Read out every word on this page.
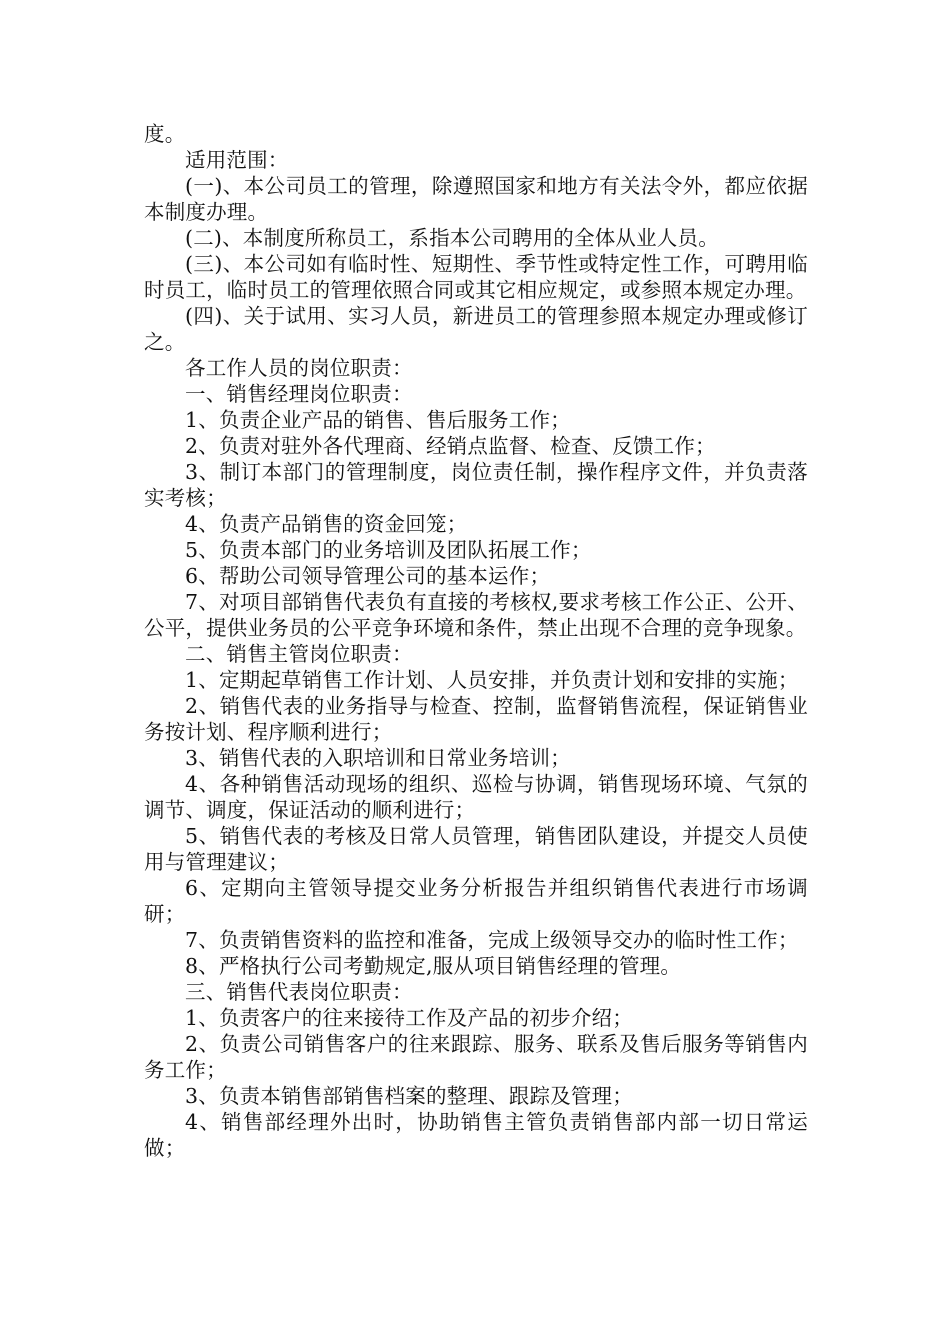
度。

适用范围：

(一)、本公司员工的管理，除遵照国家和地方有关法令外，都应依据本制度办理。

(二)、本制度所称员工，系指本公司聘用的全体从业人员。

(三)、本公司如有临时性、短期性、季节性或特定性工作，可聘用临时员工，临时员工的管理依照合同或其它相应规定，或参照本规定办理。

(四)、关于试用、实习人员，新进员工的管理参照本规定办理或修订之。

各工作人员的岗位职责：

一、销售经理岗位职责：

1、负责企业产品的销售、售后服务工作；

2、负责对驻外各代理商、经销点监督、检查、反馈工作；

3、制订本部门的管理制度，岗位责任制，操作程序文件，并负责落实考核；

4、负责产品销售的资金回笼；

5、负责本部门的业务培训及团队拓展工作；

6、帮助公司领导管理公司的基本运作；

7、对项目部销售代表负有直接的考核权,要求考核工作公正、公开、公平，提供业务员的公平竞争环境和条件，禁止出现不合理的竞争现象。

二、销售主管岗位职责：

1、定期起草销售工作计划、人员安排，并负责计划和安排的实施；

2、销售代表的业务指导与检查、控制，监督销售流程，保证销售业务按计划、程序顺利进行；

3、销售代表的入职培训和日常业务培训；

4、各种销售活动现场的组织、巡检与协调，销售现场环境、气氛的调节、调度，保证活动的顺利进行；

5、销售代表的考核及日常人员管理，销售团队建设，并提交人员使用与管理建议；

6、定期向主管领导提交业务分析报告并组织销售代表进行市场调研；

7、负责销售资料的监控和准备，完成上级领导交办的临时性工作；

8、严格执行公司考勤规定,服从项目销售经理的管理。

三、销售代表岗位职责：

1、负责客户的往来接待工作及产品的初步介绍；

2、负责公司销售客户的往来跟踪、服务、联系及售后服务等销售内务工作；

3、负责本销售部销售档案的整理、跟踪及管理；

4、销售部经理外出时，协助销售主管负责销售部内部一切日常运做；
